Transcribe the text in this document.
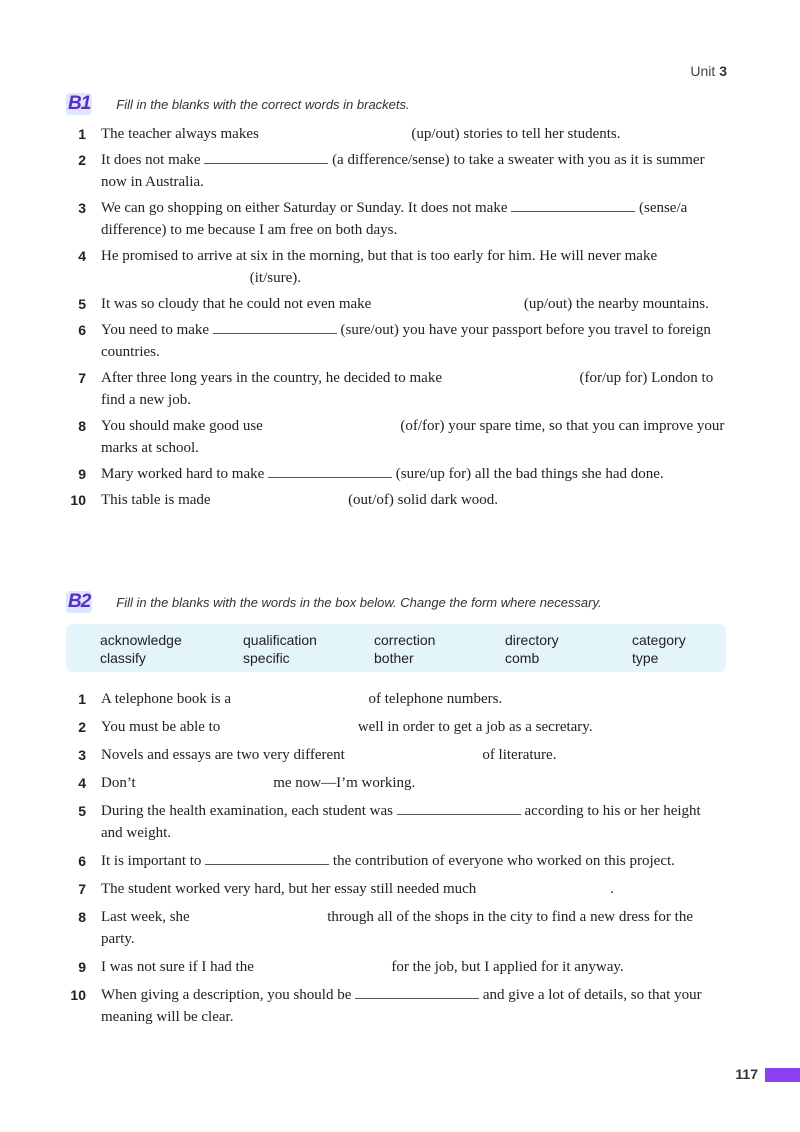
Unit 3
B1 Fill in the blanks with the correct words in brackets.
1 The teacher always makes	(up/out) stories to tell her students.
2 It does not make	(a difference/sense) to take a sweater with you as it is summer now in Australia.
3 We can go shopping on either Saturday or Sunday. It does not make	(sense/a difference) to me because I am free on both days.
4 He promised to arrive at six in the morning, but that is too early for him. He will never make  (it/sure).
5 It was so cloudy that he could not even make	(up/out) the nearby mountains.
6 You need to make	(sure/out) you have your passport before you travel to foreign countries.
7 After three long years in the country, he decided to make	(for/up for) London to find a new job.
8 You should make good use	(of/for) your spare time, so that you can improve your marks at school.
9 Mary worked hard to make	(sure/up for) all the bad things she had done.
10 This table is made	(out/of) solid dark wood.
B2 Fill in the blanks with the words in the box below. Change the form where necessary.
acknowledge	qualification	correction	directory	category
classify	specific	bother	comb	type
1 A telephone book is a	of telephone numbers.
2 You must be able to	well in order to get a job as a secretary.
3 Novels and essays are two very different	of literature.
4 Don’t	me now—I’m working.
5 During the health examination, each student was	according to his or her height and weight.
6 It is important to	the contribution of everyone who worked on this project.
7 The student worked very hard, but her essay still needed much	.
8 Last week, she	through all of the shops in the city to find a new dress for the party.
9 I was not sure if I had the	for the job, but I applied for it anyway.
10 When giving a description, you should be	and give a lot of details, so that your meaning will be clear.
117
